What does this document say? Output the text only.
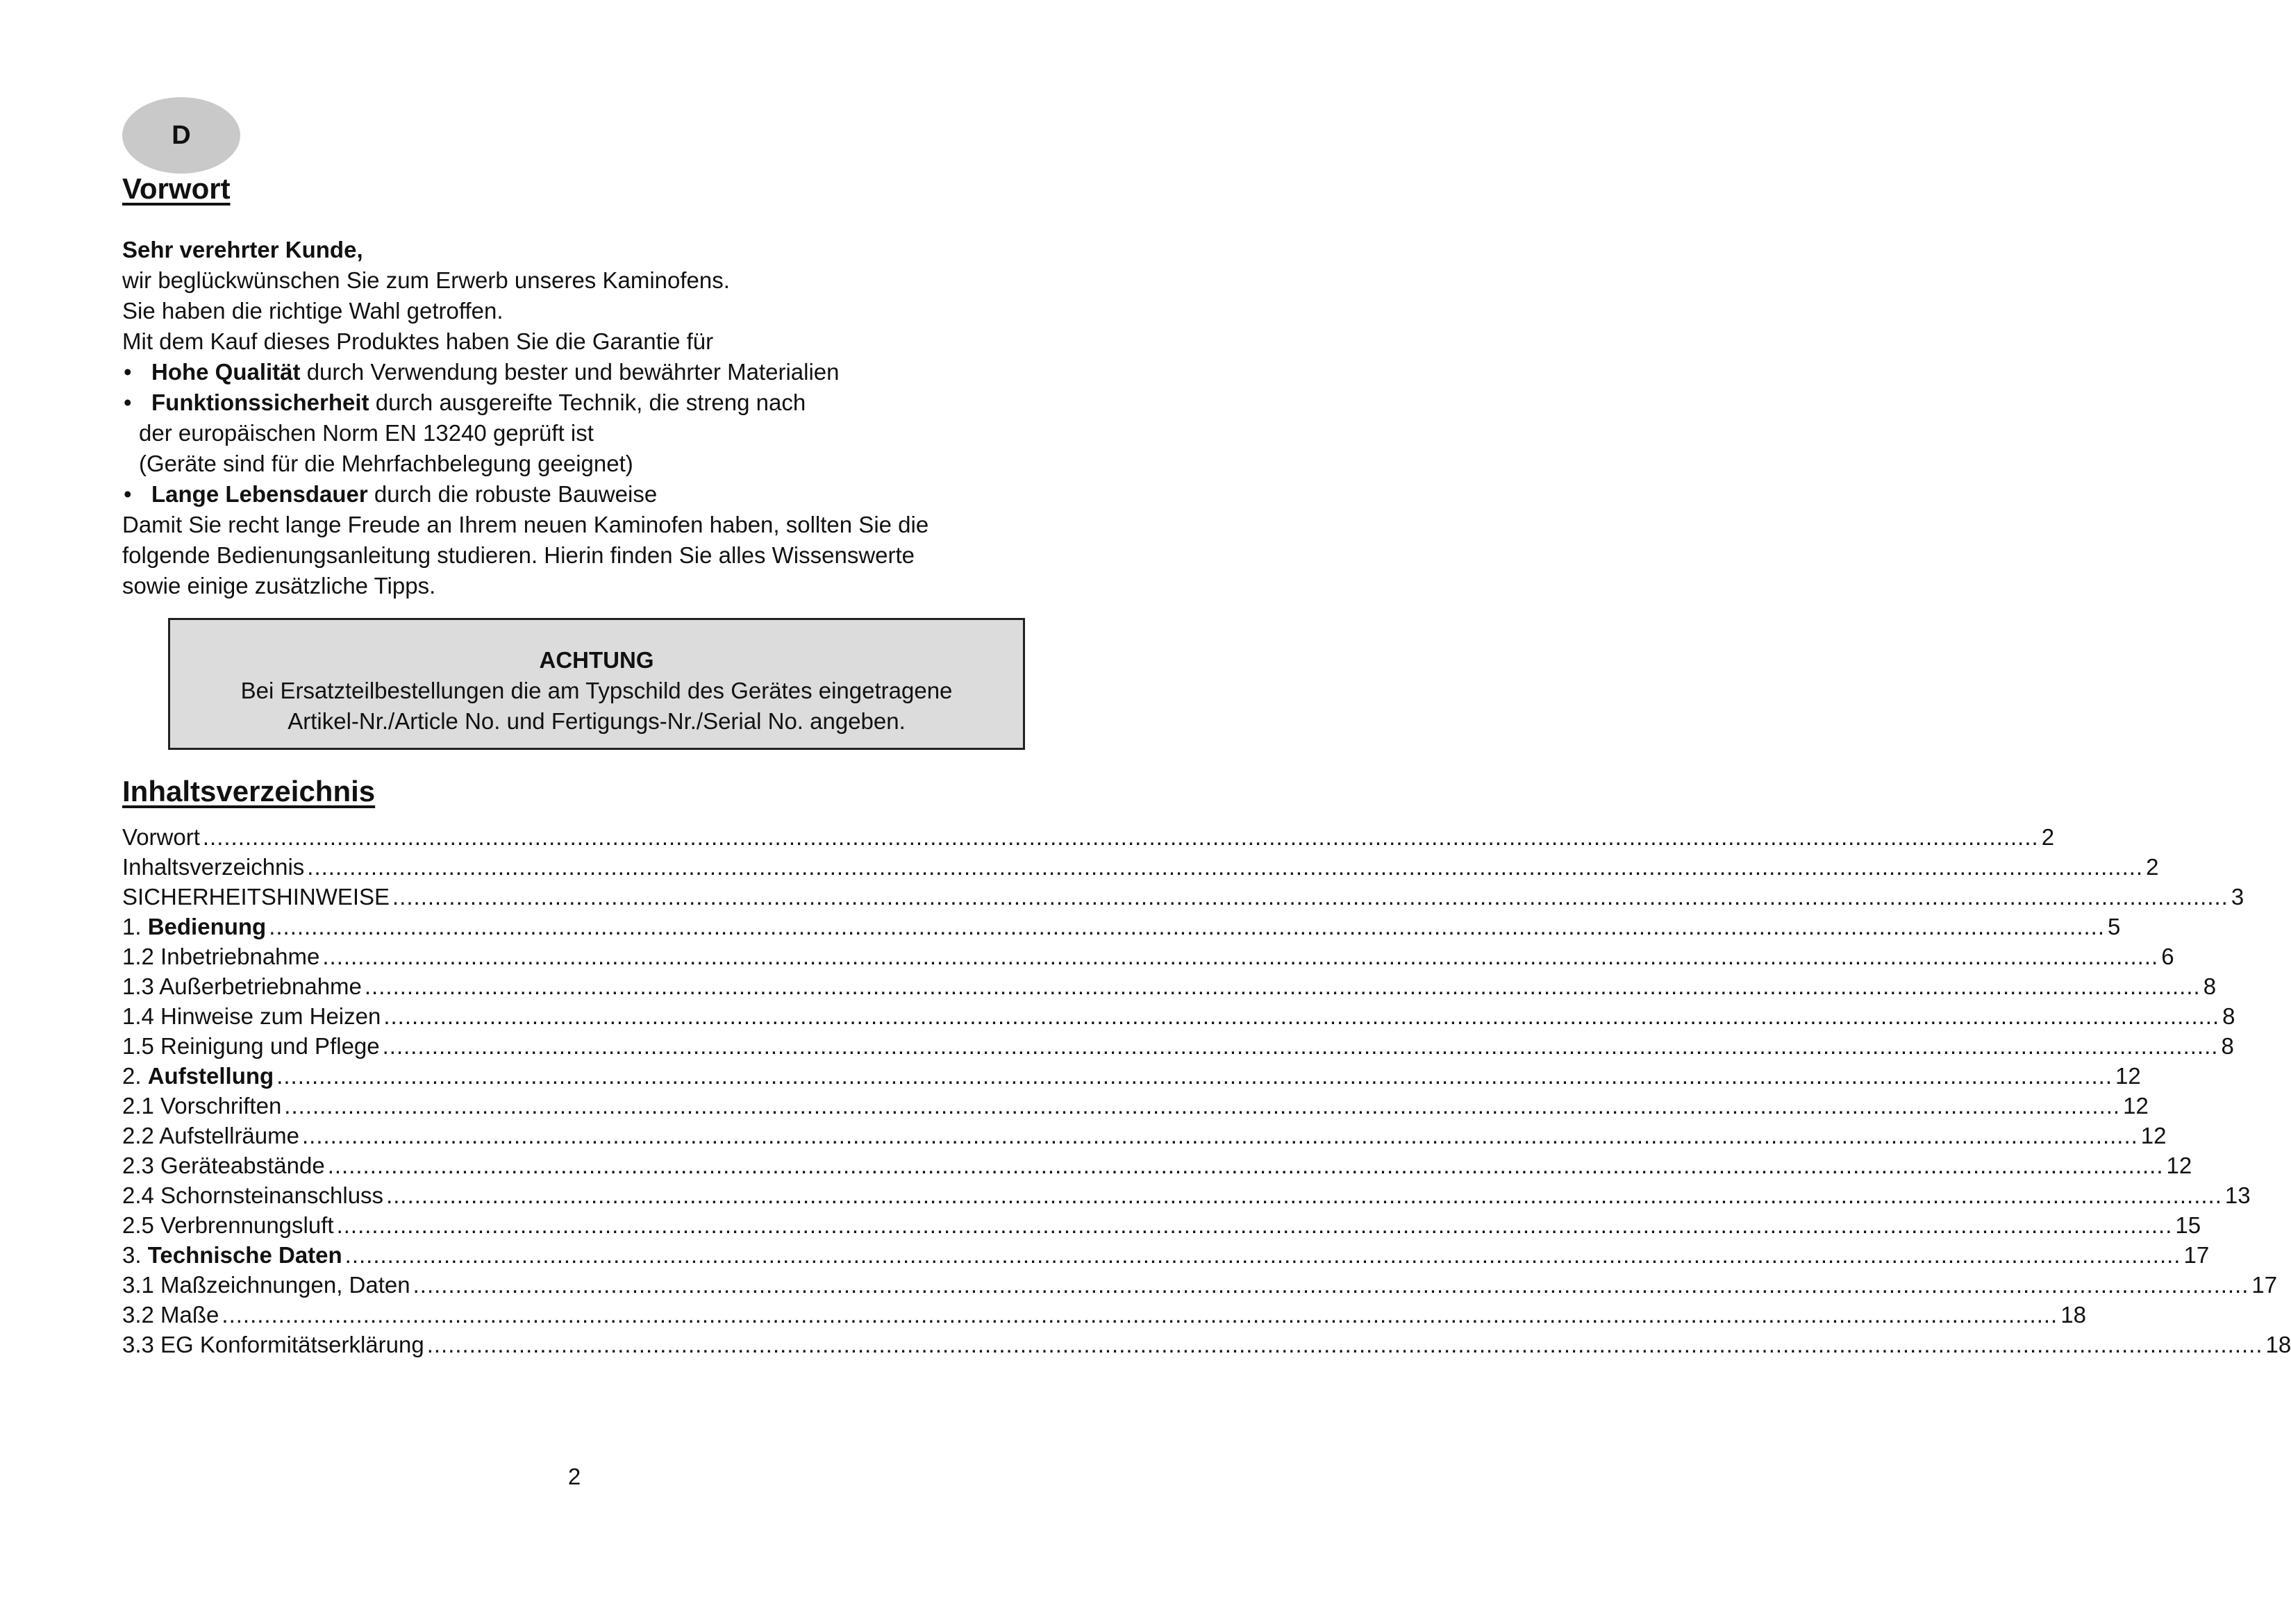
D
Vorwort
Sehr verehrter Kunde,

wir beglückwünschen Sie zum Erwerb unseres Kaminofens.

Sie haben die richtige Wahl getroffen.

Mit dem Kauf dieses Produktes haben Sie die Garantie für

• Hohe Qualität durch Verwendung bester und bewährter Materialien
• Funktionssicherheit durch ausgereifte Technik, die streng nach
der europäischen Norm EN 13240 geprüft ist
(Geräte sind für die Mehrfachbelegung geeignet)
• Lange Lebensdauer durch die robuste Bauweise

Damit Sie recht lange Freude an Ihrem neuen Kaminofen haben, sollten Sie die

folgende Bedienungsanleitung studieren. Hierin finden Sie alles Wissenswerte

sowie einige zusätzliche Tipps.

ACHTUNG
Bei Ersatzteilbestellungen die am Typschild des Gerätes eingetragene
Artikel-Nr./Article No. und Fertigungs-Nr./Serial No. angeben.
Inhaltsverzeichnis
Vorwort .................................................................................................................................................................................................................................................................... 2
Inhaltsverzeichnis .................................................................................................................................................................................................................................................................... 2
SICHERHEITSHINWEISE .................................................................................................................................................................................................................................................................... 3
1. Bedienung .................................................................................................................................................................................................................................................................... 5
1.2 Inbetriebnahme .................................................................................................................................................................................................................................................................... 6
1.3 Außerbetriebnahme .................................................................................................................................................................................................................................................................... 8
1.4 Hinweise zum Heizen .................................................................................................................................................................................................................................................................... 8
1.5 Reinigung und Pflege .................................................................................................................................................................................................................................................................... 8
2. Aufstellung .................................................................................................................................................................................................................................................................... 12
2.1 Vorschriften .................................................................................................................................................................................................................................................................... 12
2.2 Aufstellräume .................................................................................................................................................................................................................................................................... 12
2.3 Geräteabstände .................................................................................................................................................................................................................................................................... 12
2.4 Schornsteinanschluss .................................................................................................................................................................................................................................................................... 13
2.5 Verbrennungsluft .................................................................................................................................................................................................................................................................... 15
3. Technische Daten .................................................................................................................................................................................................................................................................... 17
3.1 Maßzeichnungen, Daten .................................................................................................................................................................................................................................................................... 17
3.2 Maße .................................................................................................................................................................................................................................................................... 18
3.3 EG Konformitätserklärung .................................................................................................................................................................................................................................................................... 18
2
